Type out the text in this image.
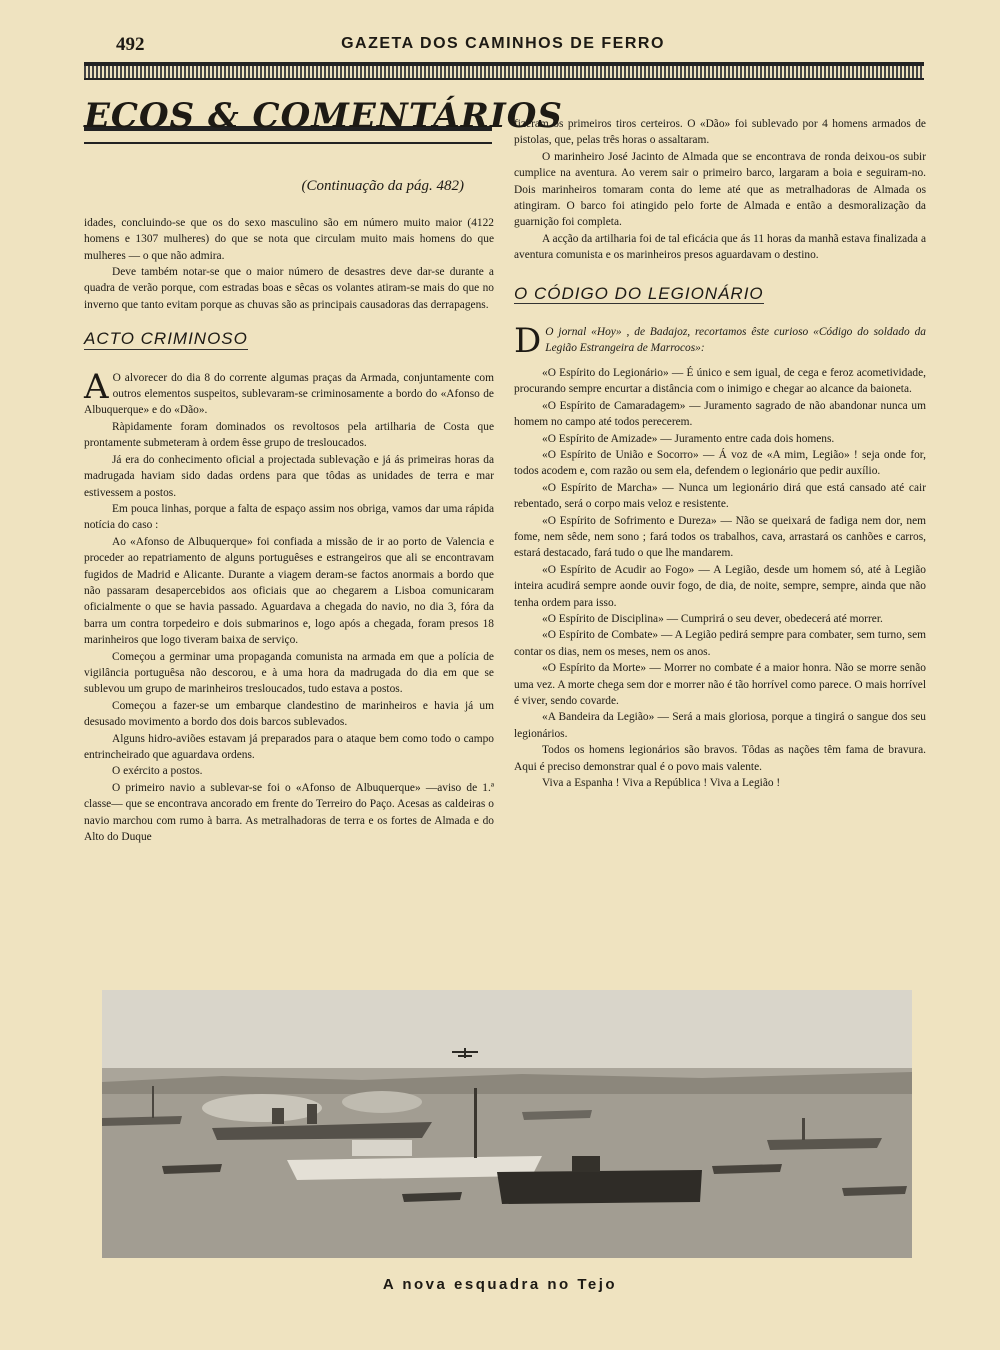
492	GAZETA DOS CAMINHOS DE FERRO
ECOS & COMENTÁRIOS
(Continuação da pág. 482)

idades, concluindo-se que os do sexo masculino são em número muito maior (4122 homens e 1307 mulheres) do que se nota que circulam muito mais homens do que mulheres — o que não admira.

Deve também notar-se que o maior número de desastres deve dar-se durante a quadra de verão porque, com estradas boas e sêcas os volantes atiram-se mais do que no inverno que tanto evitam porque as chuvas são as principais causadoras das derrapagens.

ACTO CRIMINOSO

A O alvorecer do dia 8 do corrente algumas praças da Armada, conjuntamente com outros elementos suspeitos, sublevaram-se criminosamente a bordo do «Afonso de Albuquerque» e do «Dão».

Ràpidamente foram dominados os revoltosos pela artilharia de Costa que prontamente submeteram à ordem êsse grupo de tresloucados.

Já era do conhecimento oficial a projectada sublevação e já ás primeiras horas da madrugada haviam sido dadas ordens para que tôdas as unidades de terra e mar estivessem a postos.

Em pouca linhas, porque a falta de espaço assim nos obriga, vamos dar uma rápida notícia do caso :

Ao «Afonso de Albuquerque» foi confiada a missão de ir ao porto de Valencia e proceder ao repatriamento de alguns portuguêses e estrangeiros que ali se encontravam fugidos de Madrid e Alicante. Durante a viagem deram-se factos anormais a bordo que não passaram desapercebidos aos oficiais que ao chegarem a Lisboa comunicaram oficialmente o que se havia passado. Aguardava a chegada do navio, no dia 3, fóra da barra um contra torpedeiro e dois submarinos e, logo após a chegada, foram presos 18 marinheiros que logo tiveram baixa de serviço.

Começou a germinar uma propaganda comunista na armada em que a polícia de vigilância portuguêsa não descorou, e à uma hora da madrugada do dia em que se sublevou um grupo de marinheiros tresloucados, tudo estava a postos.

Começou a fazer-se um embarque clandestino de marinheiros e havia já um desusado movimento a bordo dos dois barcos sublevados.

Alguns hidro-aviões estavam já preparados para o ataque bem como todo o campo entrincheirado que aguardava ordens.

O exército a postos.

O primeiro navio a sublevar-se foi o «Afonso de Albuquerque» —aviso de 1.ª classe— que se encontrava ancorado em frente do Terreiro do Paço. Acesas as caldeiras o navio marchou com rumo à barra. As metralhadoras de terra e os fortes de Almada e do Alto do Duque

fizeram os primeiros tiros certeiros. O «Dão» foi sublevado por 4 homens armados de pistolas, que, pelas três horas o assaltaram.

O marinheiro José Jacinto de Almada que se encontrava de ronda deixou-os subir cumplice na aventura. Ao verem sair o primeiro barco, largaram a boia e seguiram-no. Dois marinheiros tomaram conta do leme até que as metralhadoras de Almada os atingiram. O barco foi atingido pelo forte de Almada e então a desmoralização da guarnição foi completa.

A acção da artilharia foi de tal eficácia que ás 11 horas da manhã estava finalizada a aventura comunista e os marinheiros presos aguardavam o destino.

O CÓDIGO DO LEGIONÁRIO

D O jornal «Hoy» , de Badajoz, recortamos êste curioso «Código do soldado da Legião Estrangeira de Marrocos»:

«O Espírito do Legionário» — É único e sem igual, de cega e feroz acometividade, procurando sempre encurtar a distância com o inimigo e chegar ao alcance da baioneta.

«O Espírito de Camaradagem» — Juramento sagrado de não abandonar nunca um homem no campo até todos perecerem.

«O Espírito de Amizade» — Juramento entre cada dois homens.

«O Espírito de União e Socorro» — Á voz de «A mim, Legião» ! seja onde for, todos acodem e, com razão ou sem ela, defendem o legionário que pedir auxílio.

«O Espírito de Marcha» — Nunca um legionário dirá que está cansado até cair rebentado, será o corpo mais veloz e resistente.

«O Espírito de Sofrimento e Dureza» — Não se queixará de fadiga nem dor, nem fome, nem sêde, nem sono ; fará todos os trabalhos, cava, arrastará os canhões e carros, estará destacado, fará tudo o que lhe mandarem.

«O Espírito de Acudir ao Fogo» — A Legião, desde um homem só, até à Legião inteira acudirá sempre aonde ouvir fogo, de dia, de noite, sempre, sempre, ainda que não tenha ordem para isso.

«O Espírito de Disciplina» — Cumprirá o seu dever, obedecerá até morrer.

«O Espírito de Combate» — A Legião pedirá sempre para combater, sem turno, sem contar os dias, nem os meses, nem os anos.

«O Espírito da Morte» — Morrer no combate é a maior honra. Não se morre senão uma vez. A morte chega sem dor e morrer não é tão horrível como parece. O mais horrível é viver, sendo covarde.

«A Bandeira da Legião» — Será a mais gloriosa, porque a tingirá o sangue dos seu legionários.

Todos os homens legionários são bravos. Tôdas as nações têm fama de bravura. Aqui é preciso demonstrar qual é o povo mais valente.

Viva a Espanha ! Viva a República ! Viva a Legião !

A nova esquadra no Tejo
